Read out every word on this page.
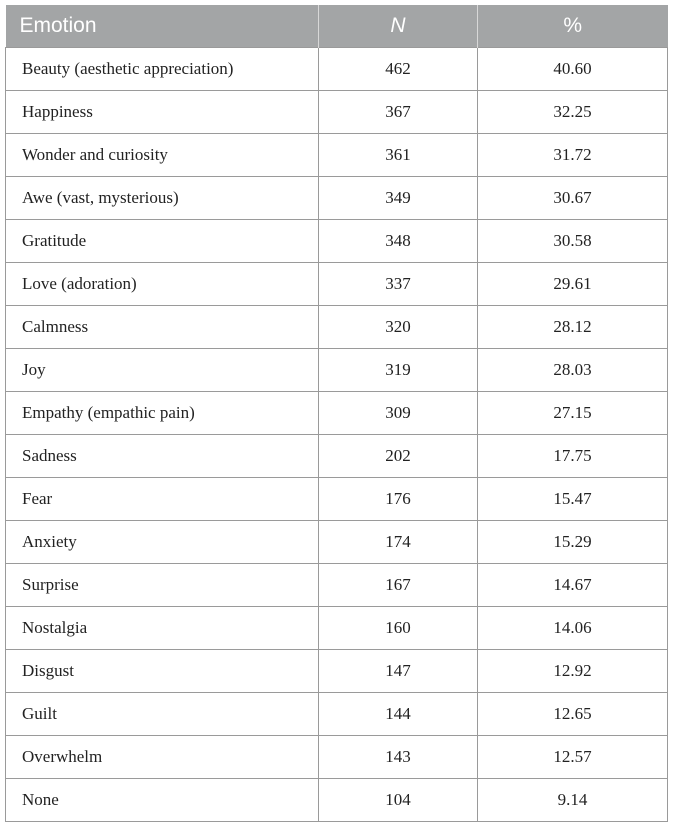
Emotion	N	%
Beauty (aesthetic appreciation)	462	40.60
Happiness	367	32.25
Wonder and curiosity	361	31.72
Awe (vast, mysterious)	349	30.67
Gratitude	348	30.58
Love (adoration)	337	29.61
Calmness	320	28.12
Joy	319	28.03
Empathy (empathic pain)	309	27.15
Sadness	202	17.75
Fear	176	15.47
Anxiety	174	15.29
Surprise	167	14.67
Nostalgia	160	14.06
Disgust	147	12.92
Guilt	144	12.65
Overwhelm	143	12.57
None	104	9.14
